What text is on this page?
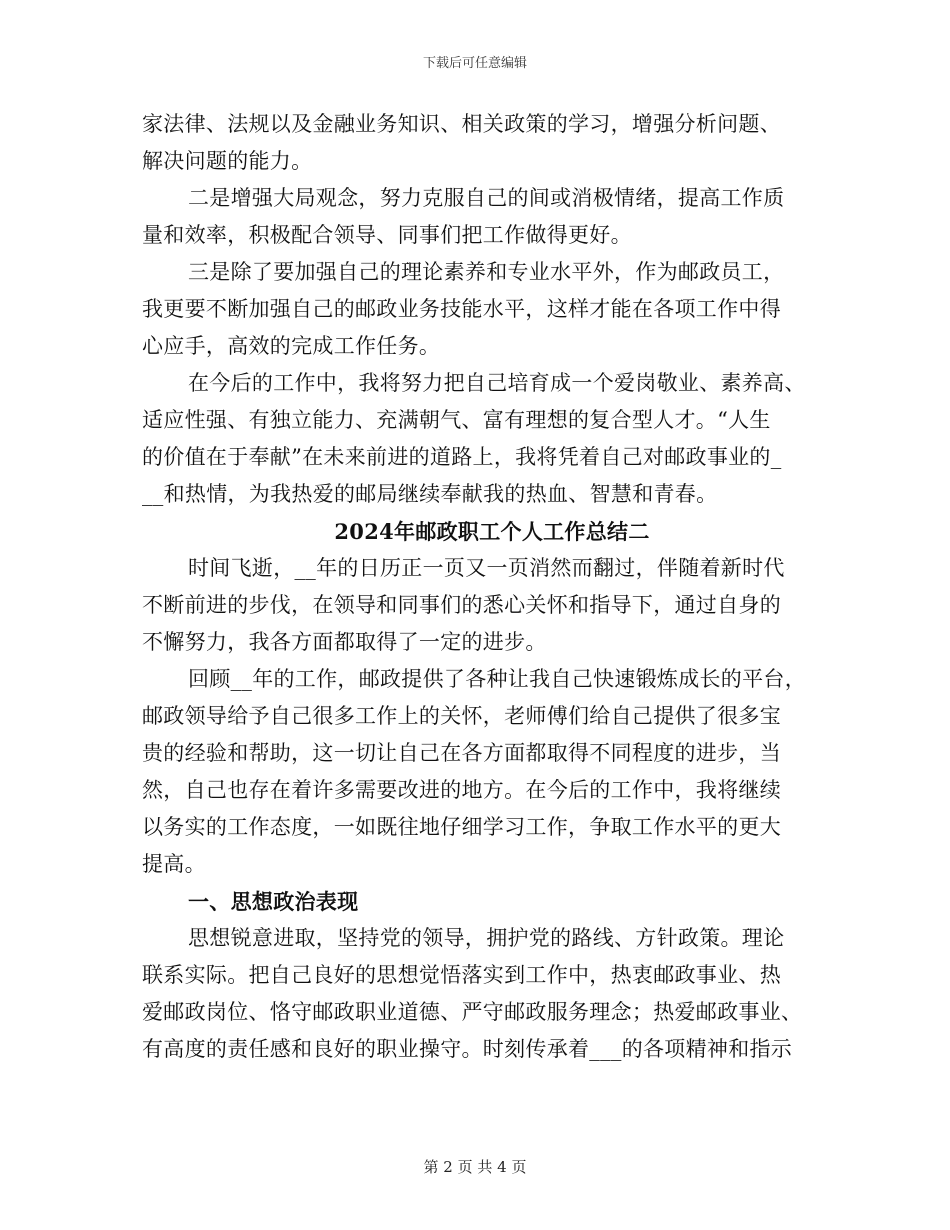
下载后可任意编辑
家法律、法规以及金融业务知识、相关政策的学习，增强分析问题、
解决问题的能力。
二是增强大局观念，努力克服自己的间或消极情绪，提高工作质
量和效率，积极配合领导、同事们把工作做得更好。
三是除了要加强自己的理论素养和专业水平外，作为邮政员工，
我更要不断加强自己的邮政业务技能水平，这样才能在各项工作中得
心应手，高效的完成工作任务。
在今后的工作中，我将努力把自己培育成一个爱岗敬业、素养高、
适应性强、有独立能力、充满朝气、富有理想的复合型人才。“人生
的价值在于奉献”在未来前进的道路上，我将凭着自己对邮政事业的_
__和热情，为我热爱的邮局继续奉献我的热血、智慧和青春。
2024年邮政职工个人工作总结二
时间飞逝，__年的日历正一页又一页消然而翻过，伴随着新时代
不断前进的步伐，在领导和同事们的悉心关怀和指导下，通过自身的
不懈努力，我各方面都取得了一定的进步。
回顾__年的工作，邮政提供了各种让我自己快速锻炼成长的平台，
邮政领导给予自己很多工作上的关怀，老师傅们给自己提供了很多宝
贵的经验和帮助，这一切让自己在各方面都取得不同程度的进步，当
然，自己也存在着许多需要改进的地方。在今后的工作中，我将继续
以务实的工作态度，一如既往地仔细学习工作，争取工作水平的更大
提高。
一、思想政治表现
思想锐意进取，坚持党的领导，拥护党的路线、方针政策。理论
联系实际。把自己良好的思想觉悟落实到工作中，热衷邮政事业、热
爱邮政岗位、恪守邮政职业道德、严守邮政服务理念；热爱邮政事业、
有高度的责任感和良好的职业操守。时刻传承着___的各项精神和指示
第 2 页 共 4 页
